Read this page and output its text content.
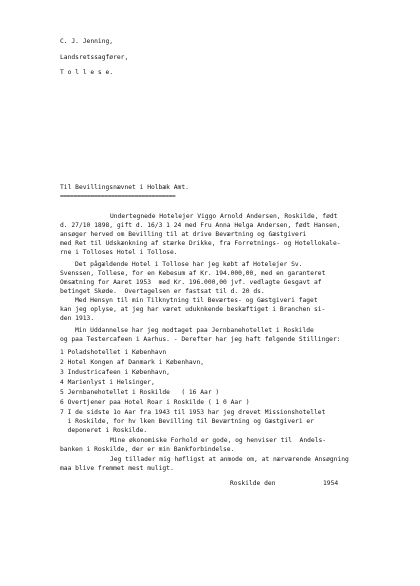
C. J. Jenning,
Landsretssagfører,
T o l l e s e.
Til Bevillingsnævnet i Holbæk Amt.
==================================
Undertegnede Hotelejer Viggo Arnold Andersen, Roskilde, født
d. 27/10 1898, gift d. 16/3 1 24 med Fru Anna Helga Andersen, født Hansen,
ansøger herved om Bevilling til at drive Beværtning og Gæstgiveri
med Ret til Udskænkning af stærke Drikke, fra Forretnings- og Hotellokale-
rne i Tolloses Hotel i Tollose.
Det pågældende Hotel i Tollose har jeg købt af Hotelejer Sv.
Svenssen, Tollese, for en Kebesum af Kr. 194.000,00, med en garanteret
Omsætning for Aaret 1953  med Kr. 196.000,00 jvf. vedlagte Gesgavt af
betinget Skøde.  Overtagelsen er fastsat til d. 20 ds.
Med Hensyn til min Tilknytning til Beværtes- og Gæstgiveri faget
kan jeg oplyse, at jeg har været uduknkende beskæftiget i Branchen si-
den 1913.
Min Uddannelse har jeg modtaget paa Jernbanehotellet i Roskilde
og paa Testercafeen i Aarhus. - Derefter har jeg haft følgende Stillinger:
1 Poladshotellet i København
2 Hotel Kongen af Danmark i København,
3 Industricafeen i København,
4 Marienlyst i Helsinger,
5 Jernbanehotellet i Roskilde   ( 16 Aar )
6 Overtjener paa Hotel Roar i Roskilde ( 1 0 Aar )
7 I de sidste 1o Aar fra 1943 til 1953 har jeg drevet Missionshotellet
i Roskilde, for hv lken Bevilling til Beværtning og Gæstgiveri er
deponeret i Roskilde.
Mine økonomiske Forhold er gode, og henviser til  Andels-
banken i Roskilde, der er min Bankforbindelse.
Jeg tillader mig høfligst at anmode om, at nærværende Ansøgning
maa blive fremmet mest muligt.
Roskilde den	1954
